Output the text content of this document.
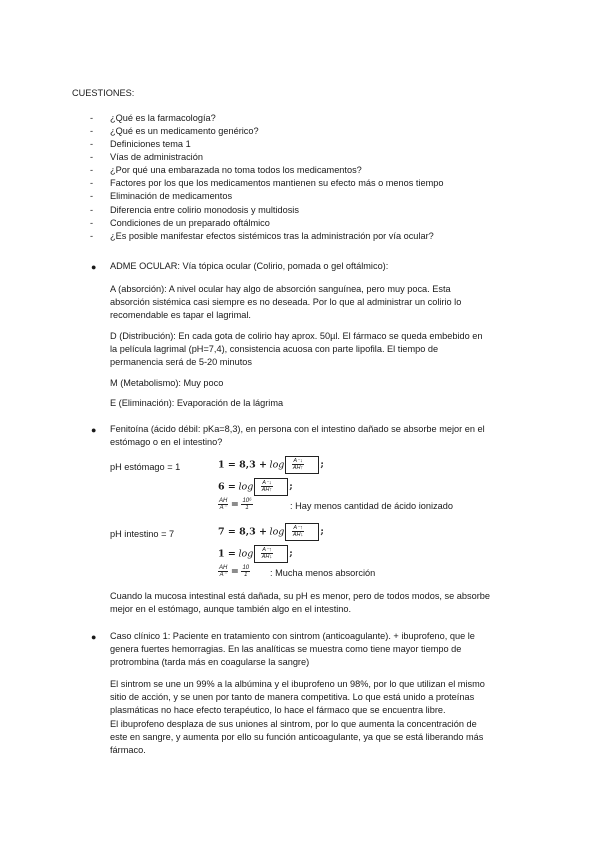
CUESTIONES:
- ¿Qué es la farmacología?
- ¿Qué es un medicamento genérico?
- Definiciones tema 1
- Vías de administración
- ¿Por qué una embarazada no toma todos los medicamentos?
- Factores por los que los medicamentos mantienen su efecto más o menos tiempo
- Eliminación de medicamentos
- Diferencia entre colirio monodosis y multidosis
- Condiciones de un preparado oftálmico
- ¿Es posible manifestar efectos sistémicos tras la administración por vía ocular?
● ADME OCULAR: Vía tópica ocular (Colirio, pomada o gel oftálmico):
A (absorción): A nivel ocular hay algo de absorción sanguínea, pero muy poca. Esta
absorción sistémica casi siempre es no deseada. Por lo que al administrar un colirio lo
recomendable es tapar el lagrimal.
D (Distribución): En cada gota de colirio hay aprox. 50µl. El fármaco se queda embebido en
la película lagrimal (pH=7,4), consistencia acuosa con parte lipofila. El tiempo de
permanencia será de 5-20 minutos
M (Metabolismo): Muy poco
E (Eliminación): Evaporación de la lágrima
● Fenitoína (ácido débil: pKa=8,3), en persona con el intestino dañado se absorbe mejor en el
estómago o en el intestino?
pH estómago = 1	$1 = 8,3 + \log \frac{A^-↓}{AH↑}$ ;
$6 = \log \frac{A^-↓}{AH↑}$ ;
$\frac{AH}{A^-} = \frac{\text{10⁶}}{1}$	: Hay menos cantidad de ácido ionizado
pH intestino = 7	$7 = 8,3 + \log \frac{A^-↑}{AH↓}$ ;
$1 = \log \frac{A^-↑}{AH↓}$ ;
$\frac{AH}{A^-} = \frac{10}{1}$ : Mucha menos absorción
Cuando la mucosa intestinal está dañada, su pH es menor, pero de todos modos, se absorbe
mejor en el estómago, aunque también algo en el intestino.
● Caso clínico 1: Paciente en tratamiento con sintrom (anticoagulante). + ibuprofeno, que le
genera fuertes hemorragias. En las analíticas se muestra como tiene mayor tiempo de
protrombina (tarda más en coagularse la sangre)
El sintrom se une un 99% a la albúmina y el ibuprofeno un 98%, por lo que utilizan el mismo
sitio de acción, y se unen por tanto de manera competitiva. Lo que está unido a proteínas
plasmáticas no hace efecto terapéutico, lo hace el fármaco que se encuentra libre.
El ibuprofeno desplaza de sus uniones al sintrom, por lo que aumenta la concentración de
este en sangre, y aumenta por ello su función anticoagulante, ya que se está liberando más
fármaco.
